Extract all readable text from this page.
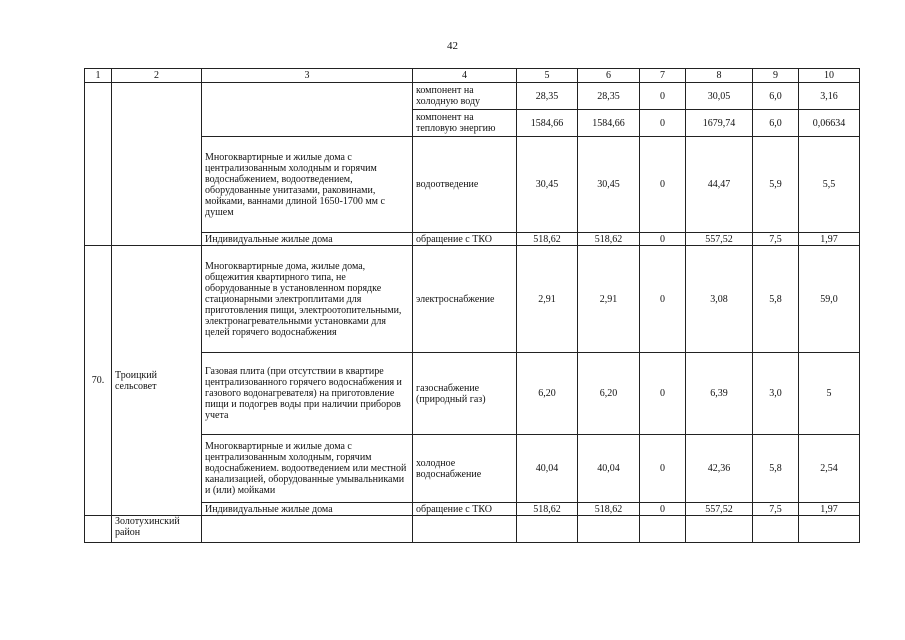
42
1	2	3	4	5	6	7	8	9	10
			компонент на холодную воду	28,35	28,35	0	30,05	6,0	3,16
			компонент на тепловую энергию	1584,66	1584,66	0	1679,74	6,0	0,06634
		Многоквартирные и жилые дома с централизованным холодным и горячим водоснабжением, водоотведением, оборудованные унитазами, раковинами, мойками, ваннами длиной 1650-1700 мм с душем	водоотведение	30,45	30,45	0	44,47	5,9	5,5
		Индивидуальные жилые дома	обращение с ТКО	518,62	518,62	0	557,52	7,5	1,97
70.	Троицкий сельсовет	Многоквартирные дома, жилые дома, общежития квартирного типа, не оборудованные в установленном порядке стационарными электроплитами для приготовления пищи, электроотопительными, электронагревательными установками для целей горячего водоснабжения	электроснабжение	2,91	2,91	0	3,08	5,8	59,0
		Газовая плита (при отсутствии в квартире централизованного горячего водоснабжения и газового водонагревателя) на приготовление пищи и подогрев воды при наличии приборов учета	газоснабжение (природный газ)	6,20	6,20	0	6,39	3,0	5
		Многоквартирные и жилые дома с централизованным холодным, горячим водоснабжением. водоотведением или местной канализацией, оборудованные умывальниками и (или) мойками	холодное водоснабжение	40,04	40,04	0	42,36	5,8	2,54
		Индивидуальные жилые дома	обращение с ТКО	518,62	518,62	0	557,52	7,5	1,97
	Золотухинский район								
